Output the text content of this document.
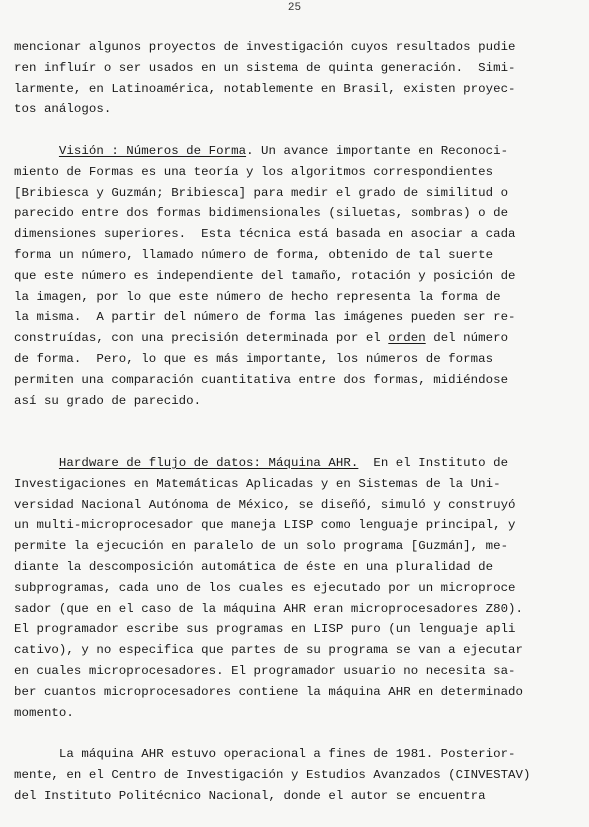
25
mencionar algunos proyectos de investigación cuyos resultados pudie
ren influír o ser usados en un sistema de quinta generación.  Simi-
larmente, en Latinoamérica, notablemente en Brasil, existen proyec-
tos análogos.
Visión : Números de Forma. Un avance importante en Reconoci-
miento de Formas es una teoría y los algoritmos correspondientes
[Bribiesca y Guzmán; Bribiesca] para medir el grado de similitud o
parecido entre dos formas bidimensionales (siluetas, sombras) o de
dimensiones superiores.  Esta técnica está basada en asociar a cada
forma un número, llamado número de forma, obtenido de tal suerte
que este número es independiente del tamaño, rotación y posición de
la imagen, por lo que este número de hecho representa la forma de
la misma.  A partir del número de forma las imágenes pueden ser re-
construídas, con una precisión determinada por el orden del número
de forma.  Pero, lo que es más importante, los números de formas
permiten una comparación cuantitativa entre dos formas, midiéndose
así su grado de parecido.
Hardware de flujo de datos: Máquina AHR.  En el Instituto de
Investigaciones en Matemáticas Aplicadas y en Sistemas de la Uni-
versidad Nacional Autónoma de México, se diseñó, simuló y construyó
un multi-microprocesador que maneja LISP como lenguaje principal, y
permite la ejecución en paralelo de un solo programa [Guzmán], me-
diante la descomposición automática de éste en una pluralidad de
subprogramas, cada uno de los cuales es ejecutado por un microproce
sador (que en el caso de la máquina AHR eran microprocesadores Z80).
El programador escribe sus programas en LISP puro (un lenguaje apli
cativo), y no especifica que partes de su programa se van a ejecutar
en cuales microprocesadores. El programador usuario no necesita sa-
ber cuantos microprocesadores contiene la máquina AHR en determinado
momento.
La máquina AHR estuvo operacional a fines de 1981. Posterior-
mente, en el Centro de Investigación y Estudios Avanzados (CINVESTAV)
del Instituto Politécnico Nacional, donde el autor se encuentra
